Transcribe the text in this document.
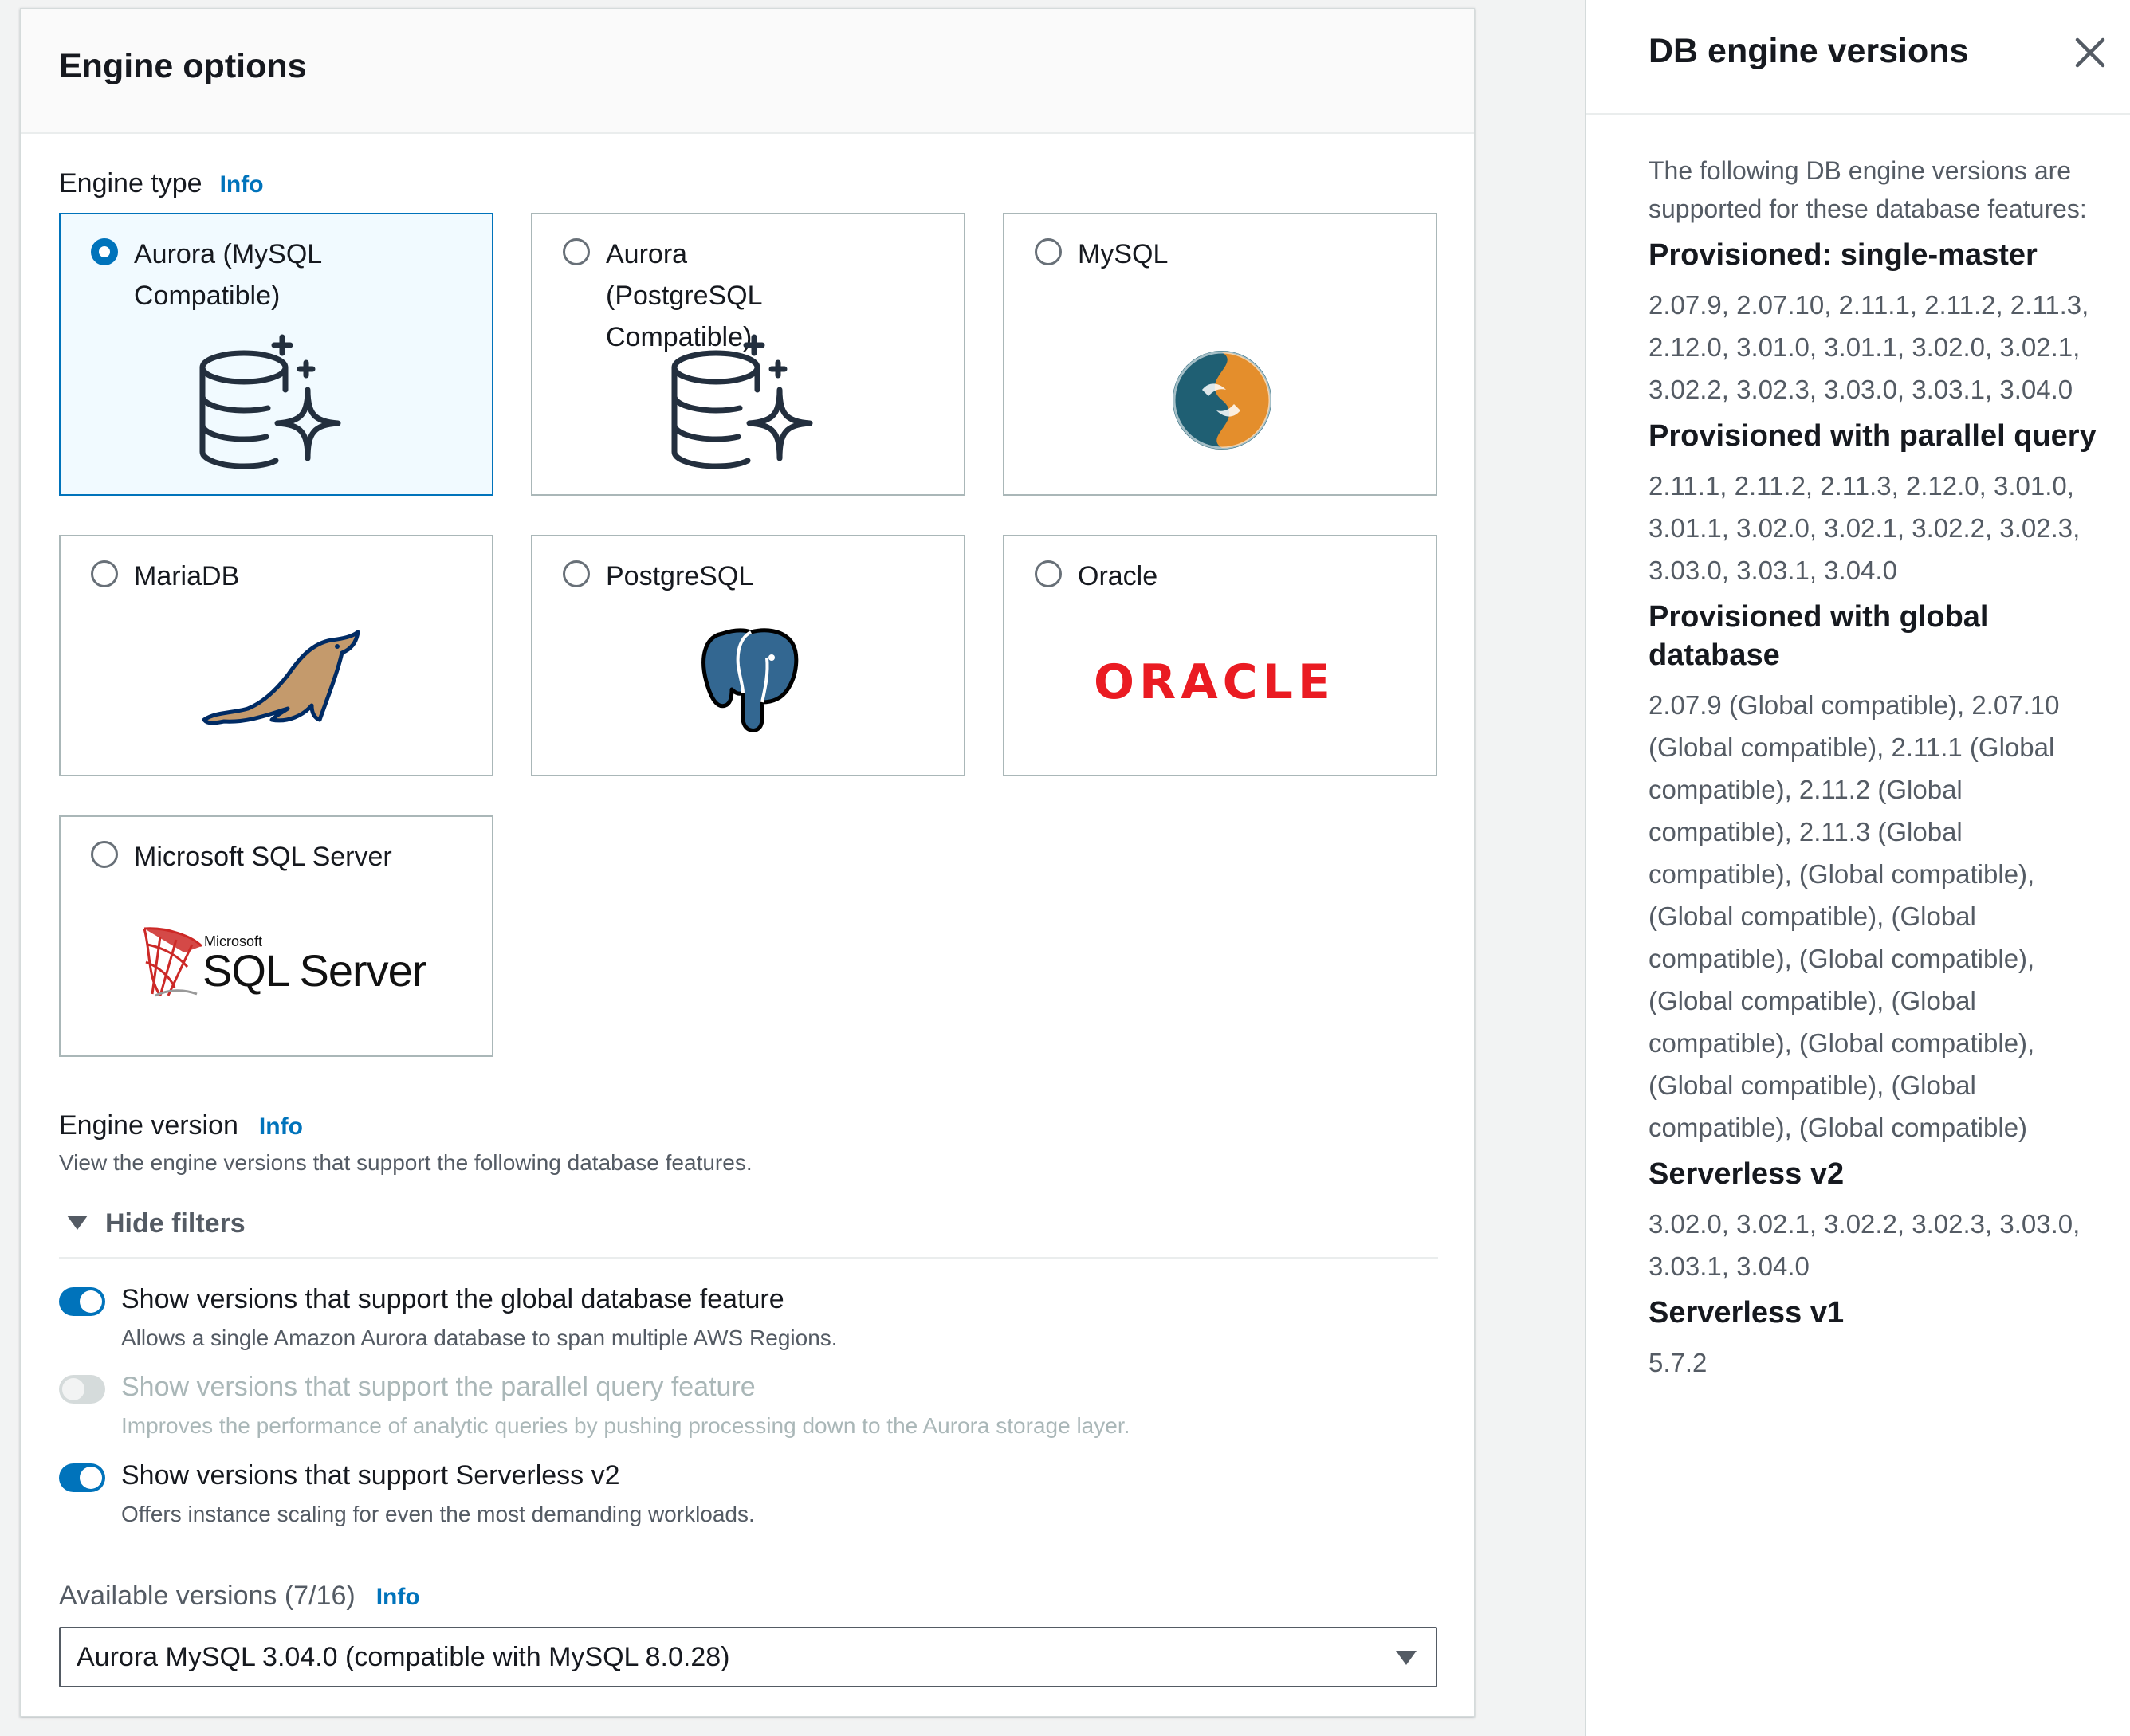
Engine options
Engine type Info
Aurora (MySQL Compatible)
Aurora (PostgreSQL Compatible)
MySQL
MariaDB	PostgreSQL	Oracle
ORACLE
Microsoft SQL Server
Microsoft
SQL Server
Engine version Info
View the engine versions that support the following database features.
Hide filters
Show versions that support the global database feature
Allows a single Amazon Aurora database to span multiple AWS Regions.
Show versions that support the parallel query feature
Improves the performance of analytic queries by pushing processing down to the Aurora storage layer.
Show versions that support Serverless v2
Offers instance scaling for even the most demanding workloads.
Available versions (7/16) Info
Aurora MySQL 3.04.0 (compatible with MySQL 8.0.28)
DB engine versions

The following DB engine versions are supported for these database features:

Provisioned: single-master

2.07.9, 2.07.10, 2.11.1, 2.11.2, 2.11.3, 2.12.0, 3.01.0, 3.01.1, 3.02.0, 3.02.1, 3.02.2, 3.02.3, 3.03.0, 3.03.1, 3.04.0

Provisioned with parallel query

2.11.1, 2.11.2, 2.11.3, 2.12.0, 3.01.0, 3.01.1, 3.02.0, 3.02.1, 3.02.2, 3.02.3, 3.03.0, 3.03.1, 3.04.0

Provisioned with global database

2.07.9 (Global compatible), 2.07.10 (Global compatible), 2.11.1 (Global compatible), 2.11.2 (Global compatible), 2.11.3 (Global compatible), (Global compatible), (Global compatible), (Global compatible), (Global compatible), (Global compatible), (Global compatible), (Global compatible), (Global compatible), (Global compatible), (Global compatible)

Serverless v2

3.02.0, 3.02.1, 3.02.2, 3.02.3, 3.03.0, 3.03.1, 3.04.0

Serverless v1

5.7.2
